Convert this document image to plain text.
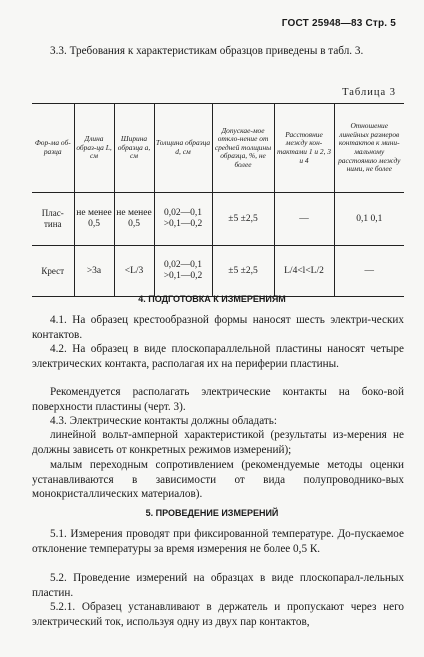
ГОСТ 25948—83 Стр. 5
3.3. Требования к характеристикам образцов приведены в табл. 3.
Таблица 3
Фор-ма об-разца	Длина образ-ца L, см	Ширина образца a, см	Толщина образца d, см	Допускае-мое откло-нение от средней толщины образца, %, не более	Расстояние между кон-тактами 1 и 2, 3 и 4	Отношение линейных размеров контактов к мини-мальному расстоянию между ними, не более
Плас-тина	не менее 0,5	не менее 0,5	0,02—0,1 >0,1—0,2	±5 ±2,5	—	0,1 0,1
Крест	>3a	<L/3	0,02—0,1 >0,1—0,2	±5 ±2,5	L/4<l<L/2	—
4. ПОДГОТОВКА К ИЗМЕРЕНИЯМ
4.1. На образец крестообразной формы наносят шесть электри-ческих контактов.
4.2. На образец в виде плоскопараллельной пластины наносят четыре электрических контакта, располагая их на периферии пластины.
Рекомендуется располагать электрические контакты на боко-вой поверхности пластины (черт. 3).
4.3. Электрические контакты должны обладать:
линейной вольт-амперной характеристикой (результаты из-мерения не должны зависеть от конкретных режимов измерений);
малым переходным сопротивлением (рекомендуемые методы оценки устанавливаются в зависимости от вида полупроводнико-вых монокристаллических материалов).
5. ПРОВЕДЕНИЕ ИЗМЕРЕНИЙ
5.1. Измерения проводят при фиксированной температуре. До-пускаемое отклонение температуры за время измерения не более 0,5 К.
5.2. Проведение измерений на образцах в виде плоскопарал-лельных пластин.
5.2.1. Образец устанавливают в держатель и пропускают через него электрический ток, используя одну из двух пар контактов,
